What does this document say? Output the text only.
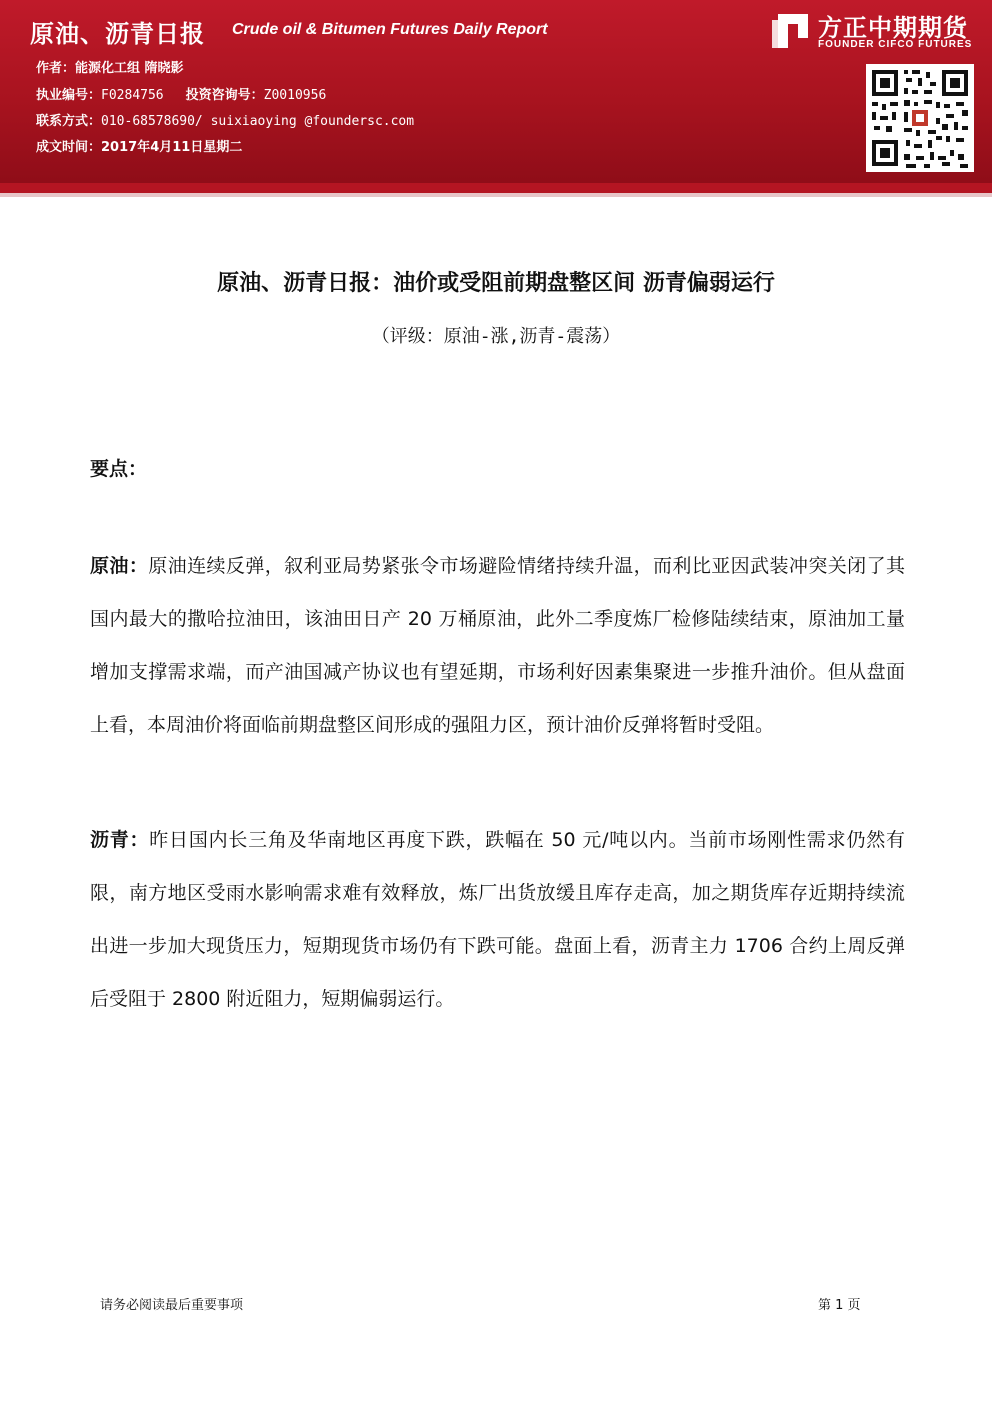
原油、沥青日报 Crude oil & Bitumen Futures Daily Report
作者：能源化工组 隋晓影
执业编号：F0284756 投资咨询号：Z0010956
联系方式：010-68578690/ suixiaoying @foundersc.com
成文时间：2017年4月11日星期二
方正中期期货
FOUNDER CIFCO FUTURES
原油、沥青日报：油价或受阻前期盘整区间 沥青偏弱运行
（评级：原油-涨,沥青-震荡）
要点：
原油：原油连续反弹，叙利亚局势紧张令市场避险情绪持续升温，而利比亚因武装冲突关闭了其国内最大的撒哈拉油田，该油田日产 20 万桶原油，此外二季度炼厂检修陆续结束，原油加工量增加支撑需求端，而产油国减产协议也有望延期，市场利好因素集聚进一步推升油价。但从盘面上看，本周油价将面临前期盘整区间形成的强阻力区，预计油价反弹将暂时受阻。
沥青：昨日国内长三角及华南地区再度下跌，跌幅在 50 元/吨以内。当前市场刚性需求仍然有限，南方地区受雨水影响需求难有效释放，炼厂出货放缓且库存走高，加之期货库存近期持续流出进一步加大现货压力，短期现货市场仍有下跌可能。盘面上看，沥青主力 1706 合约上周反弹后受阻于 2800 附近阻力，短期偏弱运行。
请务必阅读最后重要事项	第 1 页
